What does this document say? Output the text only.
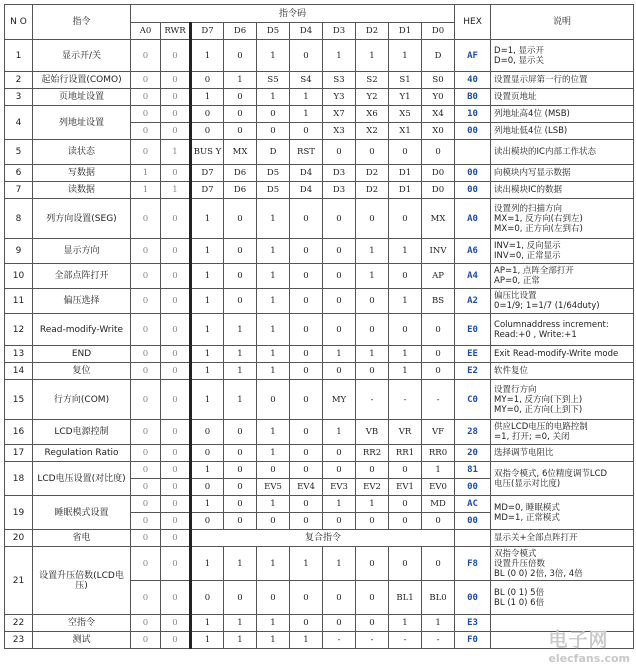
N O	指令	指令码										HEX	说明
		A0	RWR	D7	D6	D5	D4	D3	D2	D1	D0		
1	显示开/关	0	0	1	0	1	0	1	1	1	D	AF	D=1, 显示开
D=0, 显示关

2	起始行设置(COMO)	0	0	0	1	S5	S4	S3	S2	S1	S0	40	设置显示屏第一行的位置

3	页地址设置	0	0	1	0	1	1	Y3	Y2	Y1	Y0	B0	设置页地址

4	列地址设置	0	0	0	0	0	1	X7	X6	X5	X4	10	列地址高4位 (MSB)

		0	0	0	0	0	0	X3	X2	X1	X0	00	列地址低4位 (LSB)

5	读状态	0	1	BUS Y	MX	D	RST	0	0	0	0		读出模块的IC内部工作状态

6	写数据	1	0	D7	D6	D5	D4	D3	D2	D1	D0	00	向模块内写显示数据

7	读数据	1	1	D7	D6	D5	D4	D3	D2	D1	D0	00	读出模块IC的数据

8	列方向设置(SEG)	0	0	1	0	1	0	0	0	0	MX	A0	设置列的扫描方向
MX=1, 反方向(右到左)
MX=0, 正方向(左到右)

9	显示方向	0	0	1	0	1	0	0	1	1	INV	A6	INV=1, 反向显示
INV=0, 正常显示

10	全部点阵打开	0	0	1	0	1	0	0	1	0	AP	A4	AP=1, 点阵全部打开
AP=0, 正常

11	偏压选择	0	0	1	0	1	0	0	0	1	BS	A2	偏压比设置
0=1/9; 1=1/7 (1/64duty)

12	Read-modify-Write	0	0	1	1	1	0	0	0	0	0	E0	Columnaddress increment:
Read:+0 , Write:+1

13	END	0	0	1	1	1	0	1	1	1	0	EE	Exit Read-modify-Write mode

14	复位	0	0	1	1	1	0	0	0	1	0	E2	软件复位

15	行方向(COM)	0	0	1	1	0	0	MY	-	-	-	C0	设置行方向
MY=1, 反方向(下到上)
MY=0, 正方向(上到下)

16	LCD电源控制	0	0	0	0	1	0	1	VB	VR	VF	28	供应LCD电压的电路控制
=1, 打开; =0, 关闭

17	Regulation Ratio	0	0	0	0	1	0	0	RR2	RR1	RR0	20	选择调节电阻比

18	LCD电压设置(对比度)	0	0	1	0	0	0	0	0	0	1	81	双指令模式, 6位精度调节LCD
电压(显示对比度)

		0	0	0	0	EV5	EV4	EV3	EV2	EV1	EV0	00	
19	睡眠模式设置	0	0	1	0	1	0	1	1	0	MD	AC	MD=0, 睡眠模式
MD=1, 正常模式

		0	0	0	0	0	0	0	0	0	0	00	
20	省电	0	0	复合指令									显示关+全部点阵打开

21	设置升压倍数(LCD电压)	0	0	1	1	1	1	1	0	0	0	F8	双指令模式
设置升压倍数
BL (0 0) 2倍, 3倍, 4倍

		0	0	0	0	0	0	0	0	BL1	BL0	00	BL (0 1) 5倍
BL (1 0) 6倍

22	空指令	0	0	1	1	1	0	0	0	1	1	E3	

23	测试	0	0	1	1	1	1	-	-	-	-	F0		电子网
elecfans.com
